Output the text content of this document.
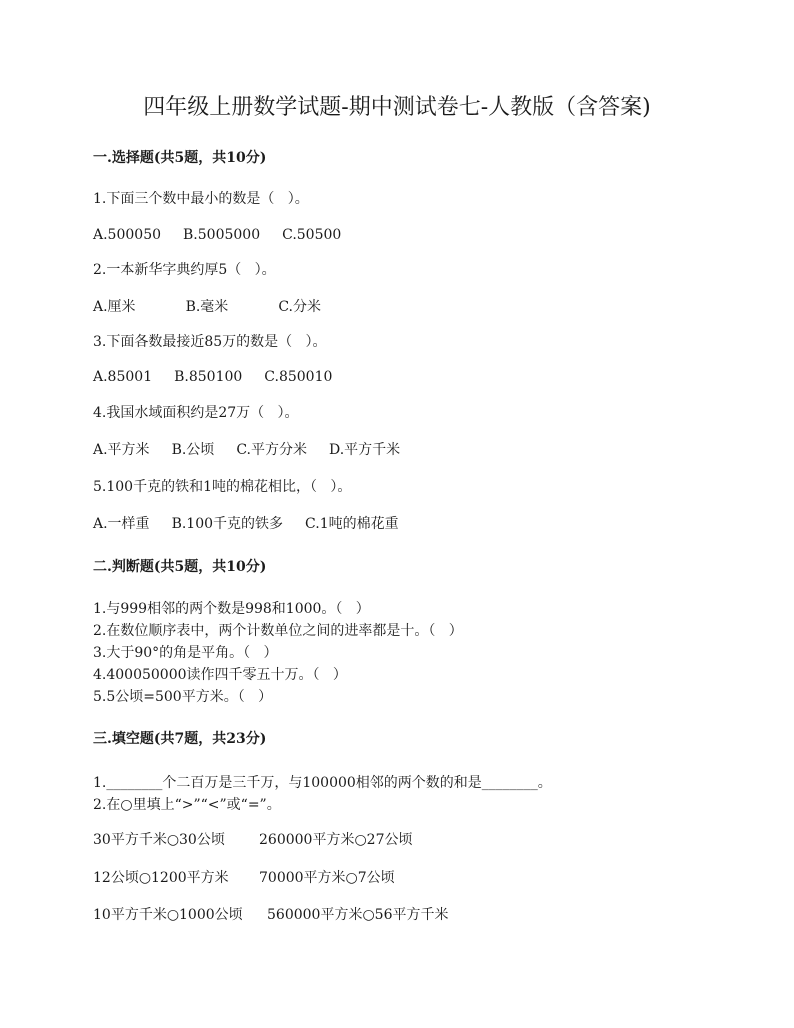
四年级上册数学试题-期中测试卷七-人教版（含答案)
一.选择题(共5题，共10分)
1.下面三个数中最小的数是（   ）。
A.500050 B.5005000 C.50500
2.一本新华字典约厚5（   ）。
A.厘米	B.毫米	C.分米
3.下面各数最接近85万的数是（   ）。
A.85001 B.850100 C.850010
4.我国水域面积约是27万（   ）。
A.平方米 B.公顷 C.平方分米 D.平方千米
5.100千克的铁和1吨的棉花相比，（   ）。
A.一样重 B.100千克的铁多 C.1吨的棉花重
二.判断题(共5题，共10分)
1.与999相邻的两个数是998和1000。（   ）
2.在数位顺序表中，两个计数单位之间的进率都是十。（   ）
3.大于90°的角是平角。（   ）
4.400050000读作四千零五十万。（   ）
5.5公顷=500平方米。（   ）
三.填空题(共7题，共23分)
1.________个二百万是三千万，与100000相邻的两个数的和是________。
2.在○里填上“>”“<”或“=”。
30平方千米○30公顷 260000平方米○27公顷
12公顷○1200平方米 70000平方米○7公顷
10平方千米○1000公顷 560000平方米○56平方千米
